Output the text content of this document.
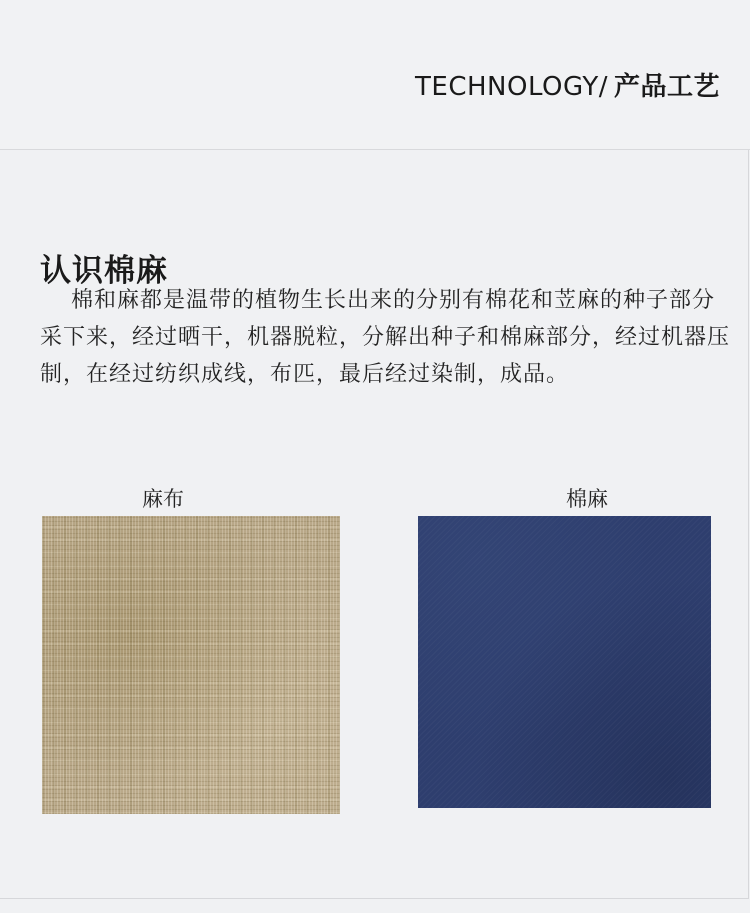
TECHNOLOGY/ 产品工艺
认识棉麻

棉和麻都是温带的植物生长出来的分别有棉花和苙麻的种子部分采下来，经过晒干，机器脱粒，分解出种子和棉麻部分，经过机器压制，在经过纺织成线，布匹，最后经过染制，成品。

麻布	棉麻
